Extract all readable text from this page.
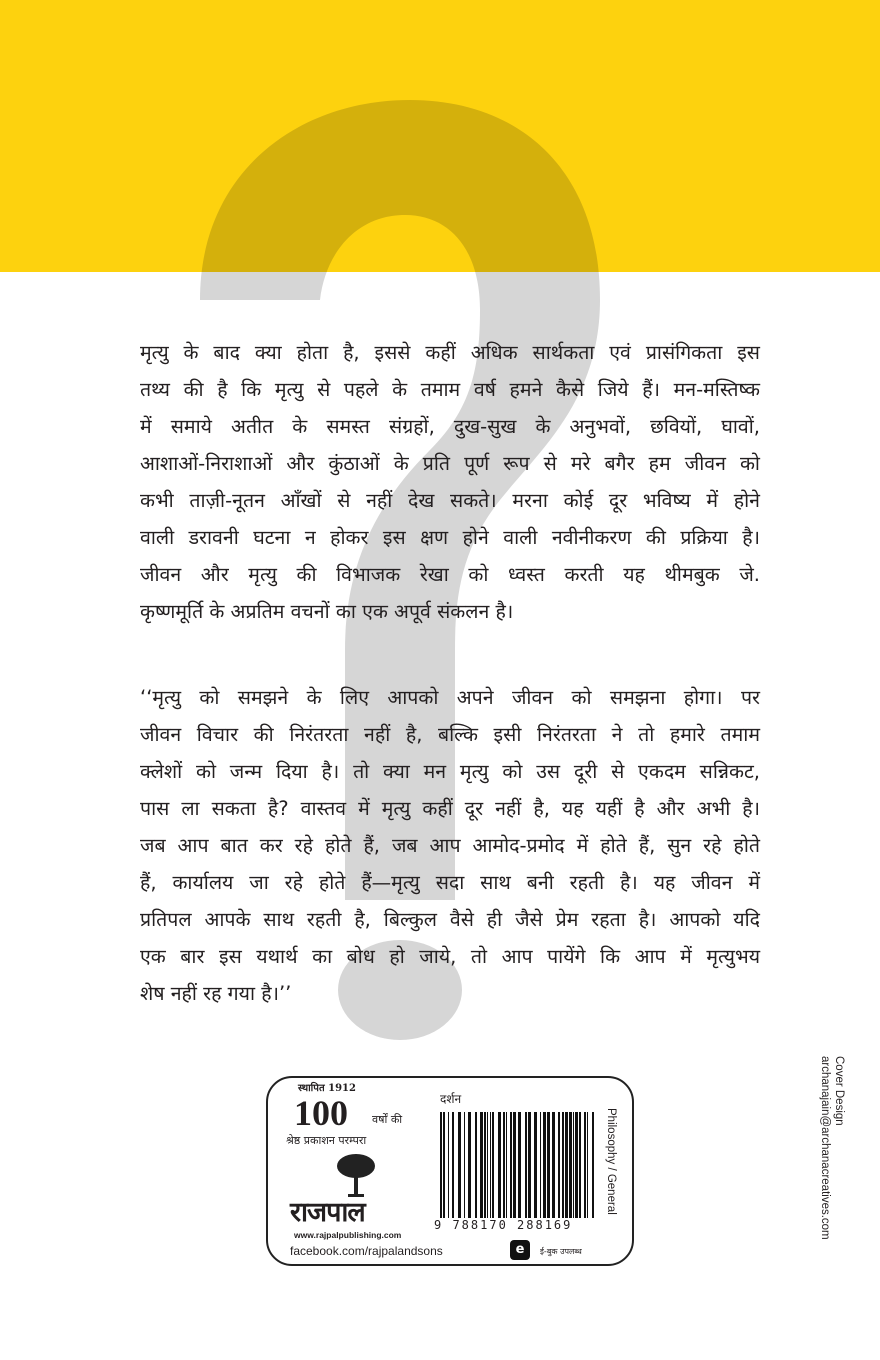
मृत्यु के बाद क्या होता है, इससे कहीं अधिक सार्थकता एवं प्रासंगिकता इस
तथ्य की है कि मृत्यु से पहले के तमाम वर्ष हमने कैसे जिये हैं। मन-मस्तिष्क
में समाये अतीत के समस्त संग्रहों, दुख-सुख के अनुभवों, छवियों, घावों,
आशाओं-निराशाओं और कुंठाओं के प्रति पूर्ण रूप से मरे बगैर हम जीवन को
कभी ताज़ी-नूतन आँखों से नहीं देख सकते। मरना कोई दूर भविष्य में होने
वाली डरावनी घटना न होकर इस क्षण होने वाली नवीनीकरण की प्रक्रिया है।
जीवन और मृत्यु की विभाजक रेखा को ध्वस्त करती यह थीमबुक जे.
कृष्णमूर्ति के अप्रतिम वचनों का एक अपूर्व संकलन है।
‘‘मृत्यु को समझने के लिए आपको अपने जीवन को समझना होगा। पर
जीवन विचार की निरंतरता नहीं है, बल्कि इसी निरंतरता ने तो हमारे तमाम
क्लेशों को जन्म दिया है। तो क्या मन मृत्यु को उस दूरी से एकदम सन्निकट,
पास ला सकता है? वास्तव में मृत्यु कहीं दूर नहीं है, यह यहीं है और अभी है।
जब आप बात कर रहे होते हैं, जब आप आमोद-प्रमोद में होते हैं, सुन रहे होते
हैं, कार्यालय जा रहे होते हैं—मृत्यु सदा साथ बनी रहती है। यह जीवन में
प्रतिपल आपके साथ रहती है, बिल्कुल वैसे ही जैसे प्रेम रहता है। आपको यदि
एक बार इस यथार्थ का बोध हो जाये, तो आप पायेंगे कि आप में मृत्युभय
शेष नहीं रह गया है।’’
स्थापित 1912
100 वर्षों की
श्रेष्ठ प्रकाशन परम्परा
राजपाल
www.rajpalpublishing.com
facebook.com/rajpalandsons
दर्शन
9 788170 288169
e	ई-बुक उपलब्ध
Philosophy / General
Cover Design
archanajain@archanacreatives.com
